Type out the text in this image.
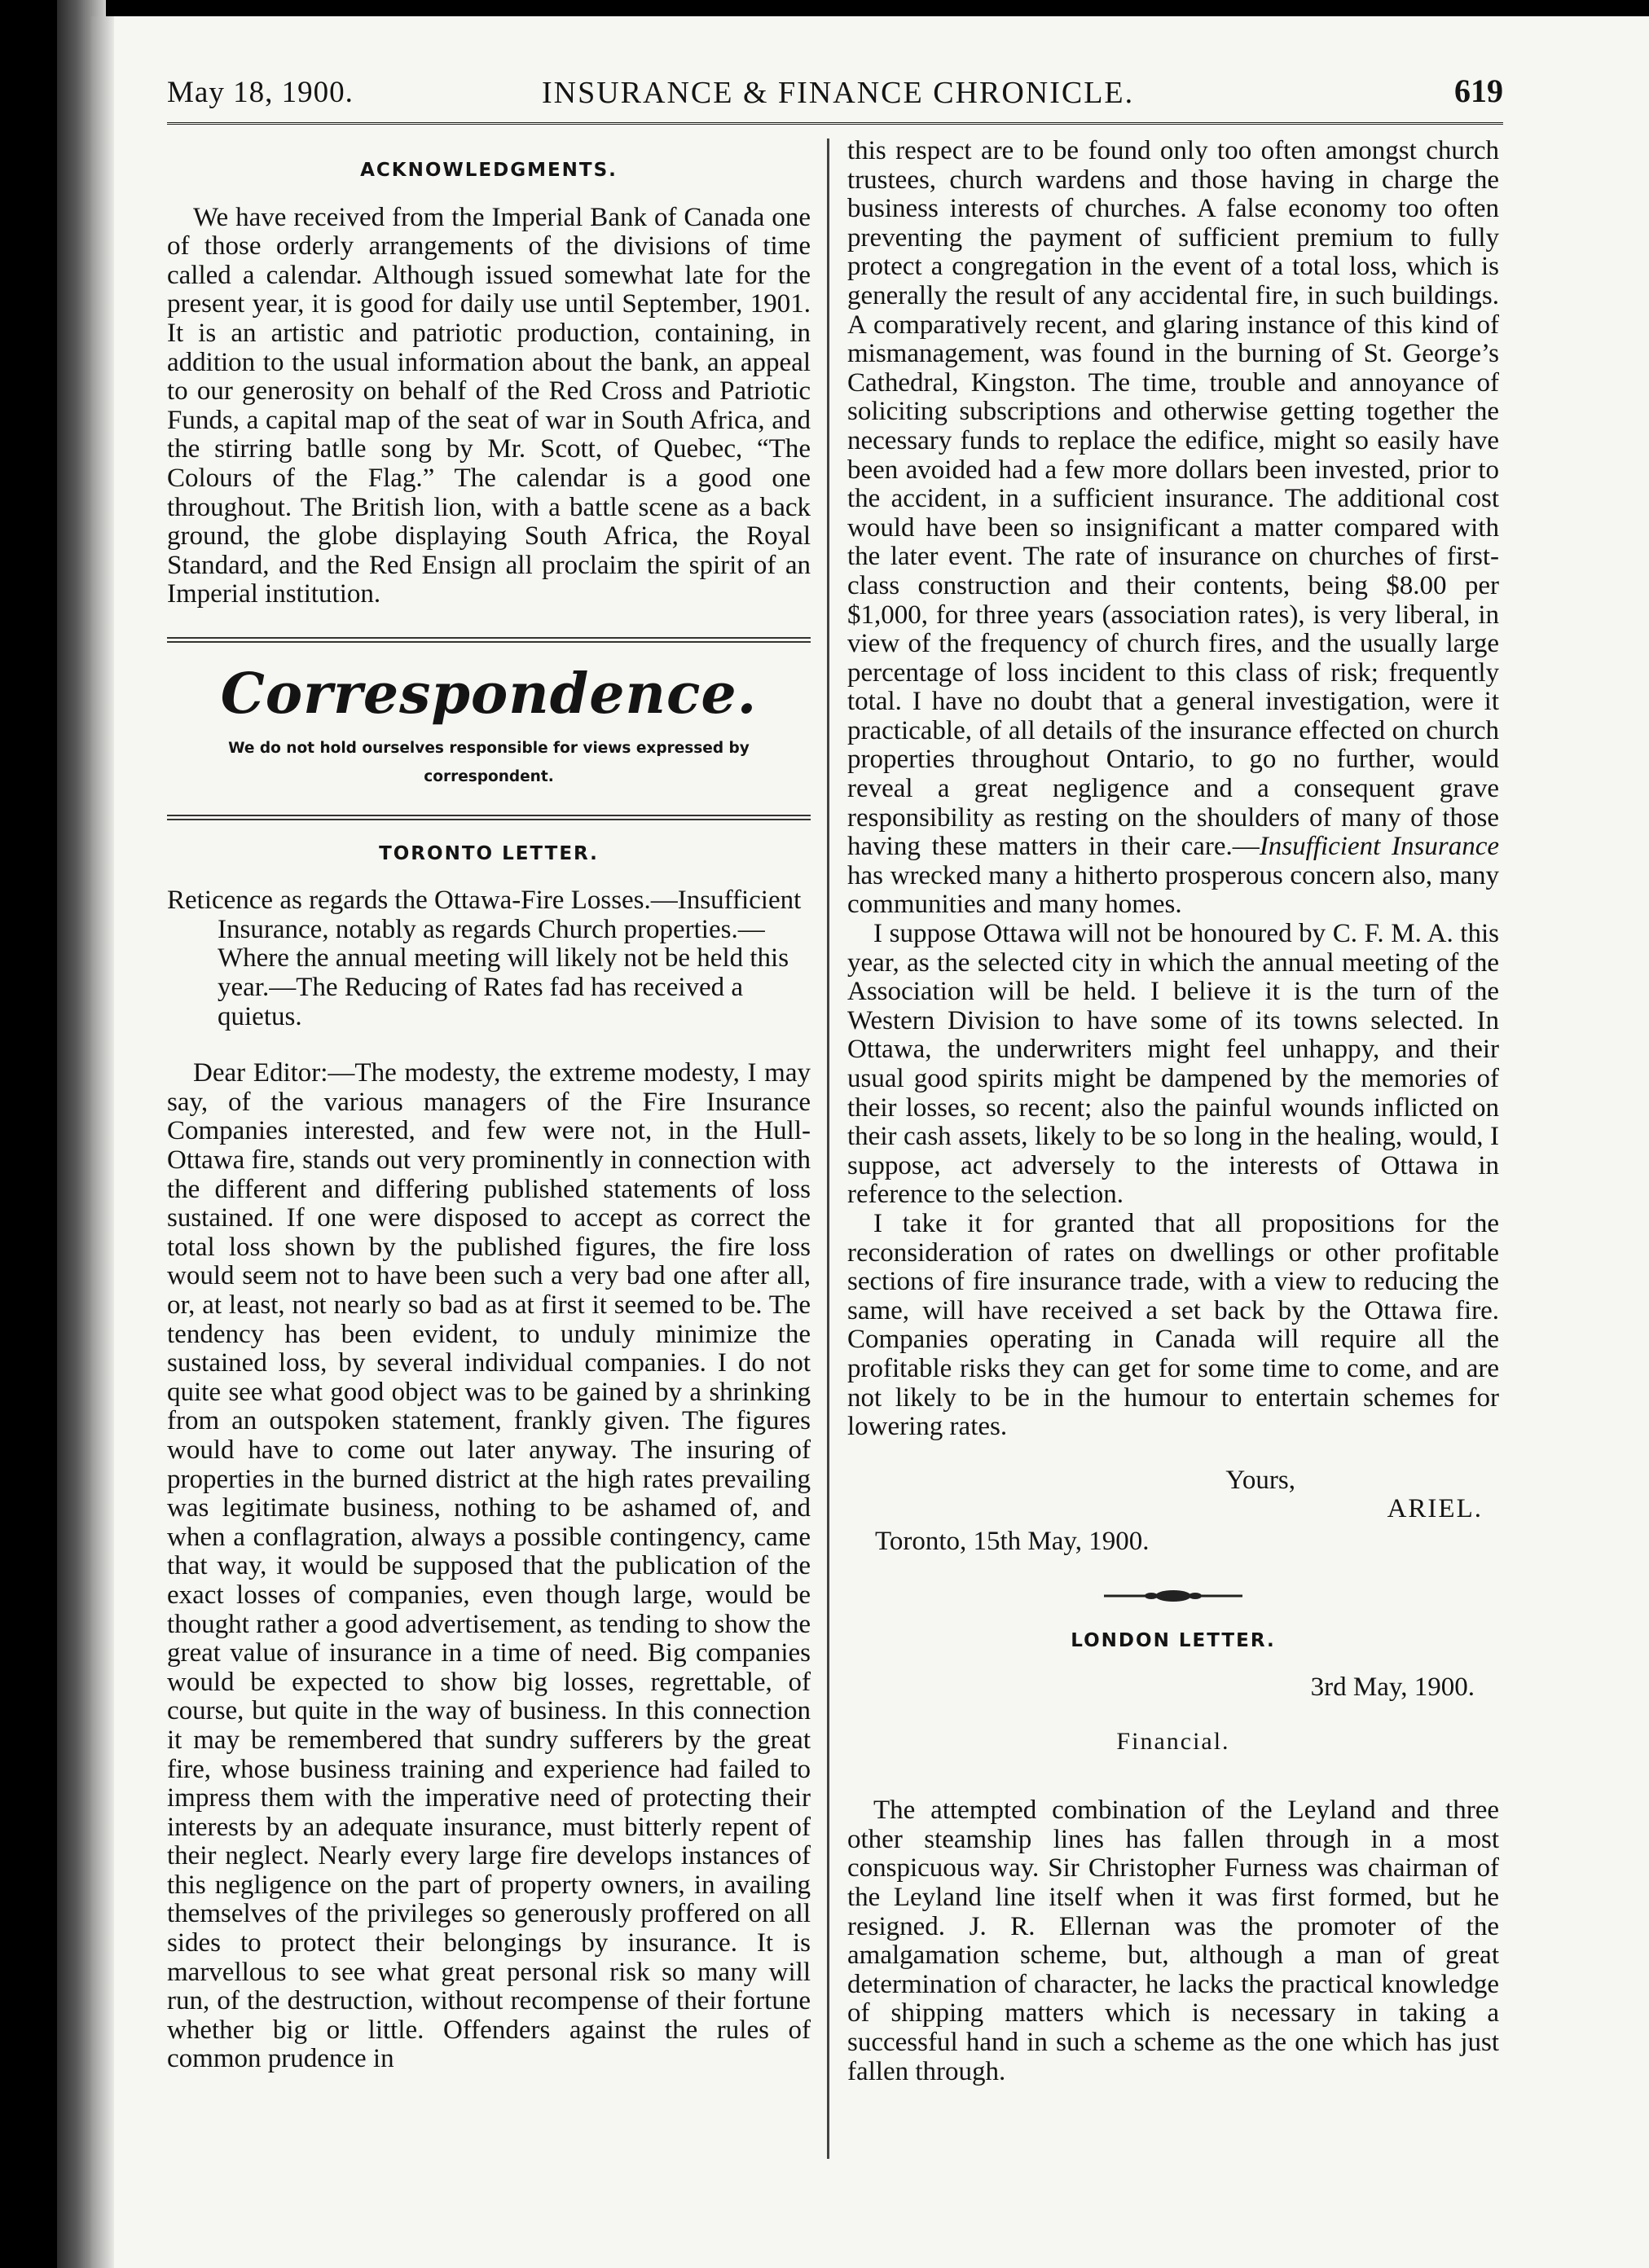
May 18, 1900.	INSURANCE & FINANCE CHRONICLE.	619
ACKNOWLEDGMENTS.

We have received from the Imperial Bank of Canada one of those orderly arrangements of the divisions of time called a calendar. Although issued somewhat late for the present year, it is good for daily use until September, 1901. It is an artistic and patriotic production, containing, in addition to the usual information about the bank, an appeal to our generosity on behalf of the Red Cross and Patriotic Funds, a capital map of the seat of war in South Africa, and the stirring batlle song by Mr. Scott, of Quebec, “The Colours of the Flag.” The calendar is a good one throughout. The British lion, with a battle scene as a back ground, the globe displaying South Africa, the Royal Standard, and the Red Ensign all proclaim the spirit of an Imperial institution.

Correspondence.
We do not hold ourselves responsible for views expressed by correspondent.
TORONTO LETTER.

Reticence as regards the Ottawa-Fire Losses.—Insufficient Insurance, notably as regards Church properties.—Where the annual meeting will likely not be held this year.—The Reducing of Rates fad has received a quietus.

Dear Editor:—The modesty, the extreme modesty, I may say, of the various managers of the Fire Insurance Companies interested, and few were not, in the Hull-Ottawa fire, stands out very prominently in connection with the different and differing published statements of loss sustained. If one were disposed to accept as correct the total loss shown by the published figures, the fire loss would seem not to have been such a very bad one after all, or, at least, not nearly so bad as at first it seemed to be. The tendency has been evident, to unduly minimize the sustained loss, by several individual companies. I do not quite see what good object was to be gained by a shrinking from an outspoken statement, frankly given. The figures would have to come out later anyway. The insuring of properties in the burned district at the high rates prevailing was legitimate business, nothing to be ashamed of, and when a conflagration, always a possible contingency, came that way, it would be supposed that the publication of the exact losses of companies, even though large, would be thought rather a good advertisement, as tending to show the great value of insurance in a time of need. Big companies would be expected to show big losses, regrettable, of course, but quite in the way of business. In this connection it may be remembered that sundry sufferers by the great fire, whose business training and experience had failed to impress them with the imperative need of protecting their interests by an adequate insurance, must bitterly repent of their neglect. Nearly every large fire develops instances of this negligence on the part of property owners, in availing themselves of the privileges so generously proffered on all sides to protect their belongings by insurance. It is marvellous to see what great personal risk so many will run, of the destruction, without recompense of their fortune whether big or little. Offenders against the rules of common prudence in

this respect are to be found only too often amongst church trustees, church wardens and those having in charge the business interests of churches. A false economy too often preventing the payment of sufficient premium to fully protect a congregation in the event of a total loss, which is generally the result of any accidental fire, in such buildings. A comparatively recent, and glaring instance of this kind of mismanagement, was found in the burning of St. George’s Cathedral, Kingston. The time, trouble and annoyance of soliciting subscriptions and otherwise getting together the necessary funds to replace the edifice, might so easily have been avoided had a few more dollars been invested, prior to the accident, in a sufficient insurance. The additional cost would have been so insignificant a matter compared with the later event. The rate of insurance on churches of first-class construction and their contents, being $8.00 per $1,000, for three years (association rates), is very liberal, in view of the frequency of church fires, and the usually large percentage of loss incident to this class of risk; frequently total. I have no doubt that a general investigation, were it practicable, of all details of the insurance effected on church properties throughout Ontario, to go no further, would reveal a great negligence and a consequent grave responsibility as resting on the shoulders of many of those having these matters in their care.—Insufficient Insurance has wrecked many a hitherto prosperous concern also, many communities and many homes.

I suppose Ottawa will not be honoured by C. F. M. A. this year, as the selected city in which the annual meeting of the Association will be held. I believe it is the turn of the Western Division to have some of its towns selected. In Ottawa, the underwriters might feel unhappy, and their usual good spirits might be dampened by the memories of their losses, so recent; also the painful wounds inflicted on their cash assets, likely to be so long in the healing, would, I suppose, act adversely to the interests of Ottawa in reference to the selection.

I take it for granted that all propositions for the reconsideration of rates on dwellings or other profitable sections of fire insurance trade, with a view to reducing the same, will have received a set back by the Ottawa fire. Companies operating in Canada will require all the profitable risks they can get for some time to come, and are not likely to be in the humour to entertain schemes for lowering rates.

Yours,
ARIEL.
Toronto, 15th May, 1900.
LONDON LETTER.
3rd May, 1900.
Financial.

The attempted combination of the Leyland and three other steamship lines has fallen through in a most conspicuous way. Sir Christopher Furness was chairman of the Leyland line itself when it was first formed, but he resigned. J. R. Ellernan was the promoter of the amalgamation scheme, but, although a man of great determination of character, he lacks the practical knowledge of shipping matters which is necessary in taking a successful hand in such a scheme as the one which has just fallen through.
